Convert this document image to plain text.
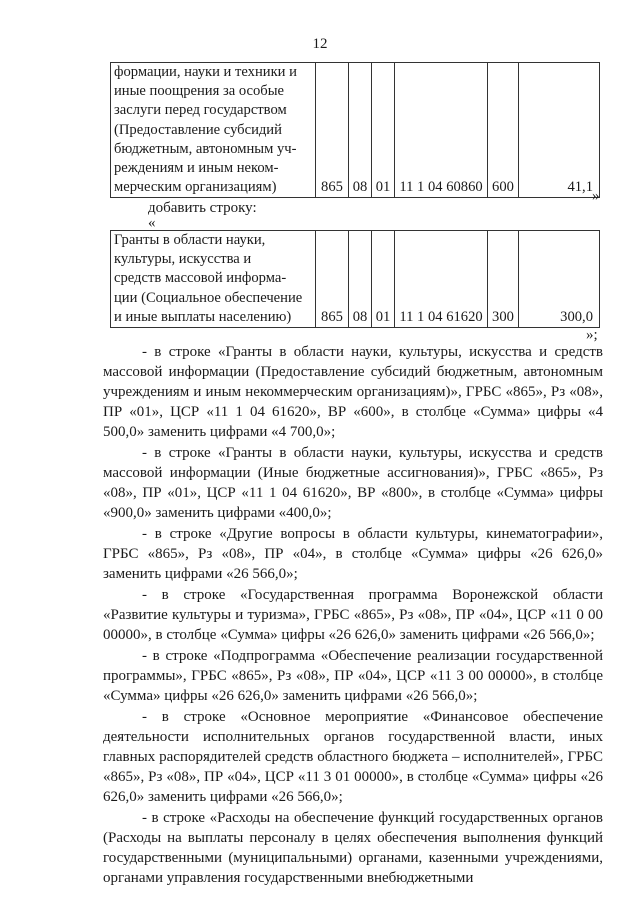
12
формации, науки и техники и
иные поощрения за особые
заслуги перед государством
(Предоставление субсидий
бюджетным, автономным уч-
реждениям и иным неком-
мерческим организациям)	865	08	01	11 1 04 60860	600	41,1
»
добавить строку:
«
Гранты в области науки,
культуры, искусства и
средств массовой информа-
ции (Социальное обеспечение
и иные выплаты населению)	865	08	01	11 1 04 61620	300	300,0
»;

- в строке «Гранты в области науки, культуры, искусства и средств массовой информации (Предоставление субсидий бюджетным, автономным учреждениям и иным некоммерческим организациям)», ГРБС «865», Рз «08», ПР «01», ЦСР «11 1 04 61620», ВР «600», в столбце «Сумма» цифры «4 500,0» заменить цифрами «4 700,0»;

- в строке «Гранты в области науки, культуры, искусства и средств массовой информации (Иные бюджетные ассигнования)», ГРБС «865», Рз «08», ПР «01», ЦСР «11 1 04 61620», ВР «800», в столбце «Сумма» цифры «900,0» заменить цифрами «400,0»;

- в строке «Другие вопросы в области культуры, кинематографии», ГРБС «865», Рз «08», ПР «04», в столбце «Сумма» цифры «26 626,0» заменить цифрами «26 566,0»;

- в строке «Государственная программа Воронежской области «Развитие культуры и туризма», ГРБС «865», Рз «08», ПР «04», ЦСР «11 0 00 00000», в столбце «Сумма» цифры «26 626,0» заменить цифрами «26 566,0»;

- в строке «Подпрограмма «Обеспечение реализации государственной программы», ГРБС «865», Рз «08», ПР «04», ЦСР «11 3 00 00000», в столбце «Сумма» цифры «26 626,0» заменить цифрами «26 566,0»;

- в строке «Основное мероприятие «Финансовое обеспечение деятельности исполнительных органов государственной власти, иных главных распорядителей средств областного бюджета – исполнителей», ГРБС «865», Рз «08», ПР «04», ЦСР «11 3 01 00000», в столбце «Сумма» цифры «26 626,0» заменить цифрами «26 566,0»;

- в строке «Расходы на обеспечение функций государственных органов (Расходы на выплаты персоналу в целях обеспечения выполнения функций государственными (муниципальными) органами, казенными учреждениями, органами управления государственными внебюджетными
